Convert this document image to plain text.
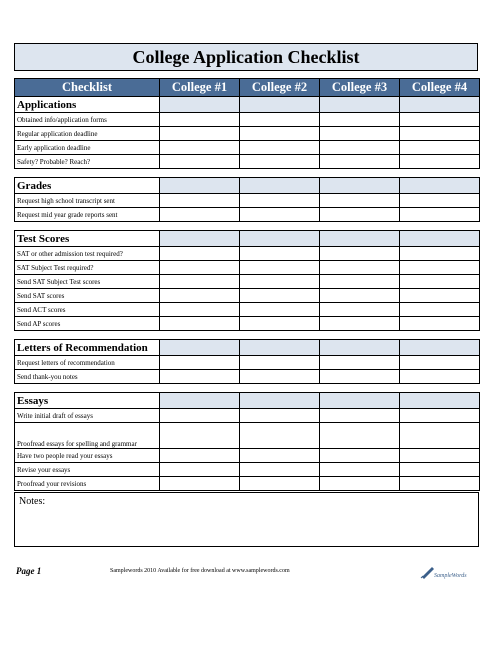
College Application Checklist
Checklist	College #1	College #2	College #3	College #4
Applications				
Obtained info/application forms				
Regular application deadline				
Early application deadline				
Safety? Probable? Reach?				

Grades				
Request high school transcript sent				
Request mid year grade reports sent				

Test Scores				
SAT or other admission test required?				
SAT Subject Test required?				
Send SAT Subject Test scores				
Send SAT scores				
Send ACT scores				
Send AP scores				

Letters of Recommendation				
Request letters of recommendation				
Send thank-you notes				

Essays				
Write initial draft of essays				
Proofread essays for spelling and grammar				
Have two people read your essays				
Revise your essays				
Proofread your revisions				
Notes:
Page 1	Samplewords 2010 Available for free download at www.samplewords.com
SampleWords
